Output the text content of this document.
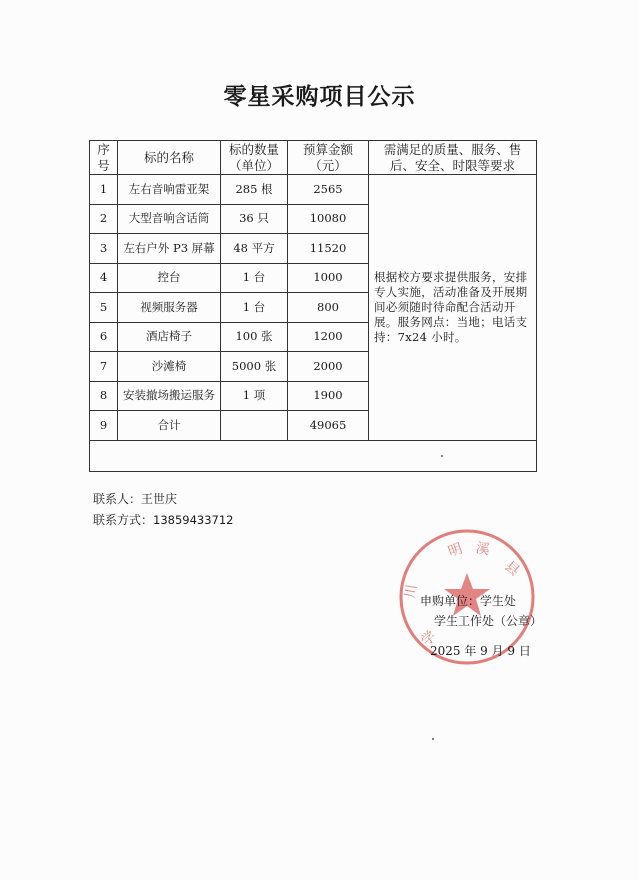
零星采购项目公示
序号	标的名称	标的数量（单位）	预算金额（元）	需满足的质量、服务、售后、安全、时限等要求
1	左右音响雷亚架	285 根	2565	根据校方要求提供服务，安排专人实施，活动准备及开展期间必须随时待命配合活动开展。服务网点：当地；电话支持：7x24 小时。
2	大型音响含话筒	36 只	10080	
3	左右户外 P3 屏幕	48 平方	11520	
4	控台	1 台	1000	
5	视频服务器	1 台	800	
6	酒店椅子	100 张	1200	
7	沙滩椅	5000 张	2000	
8	安装撤场搬运服务	1 项	1900	
9	合计		49065	

联系人：王世庆
联系方式：13859433712
明 溪
县
川
学
申购单位：学生处
学生工作处（公章）
2025 年 9 月 9 日
